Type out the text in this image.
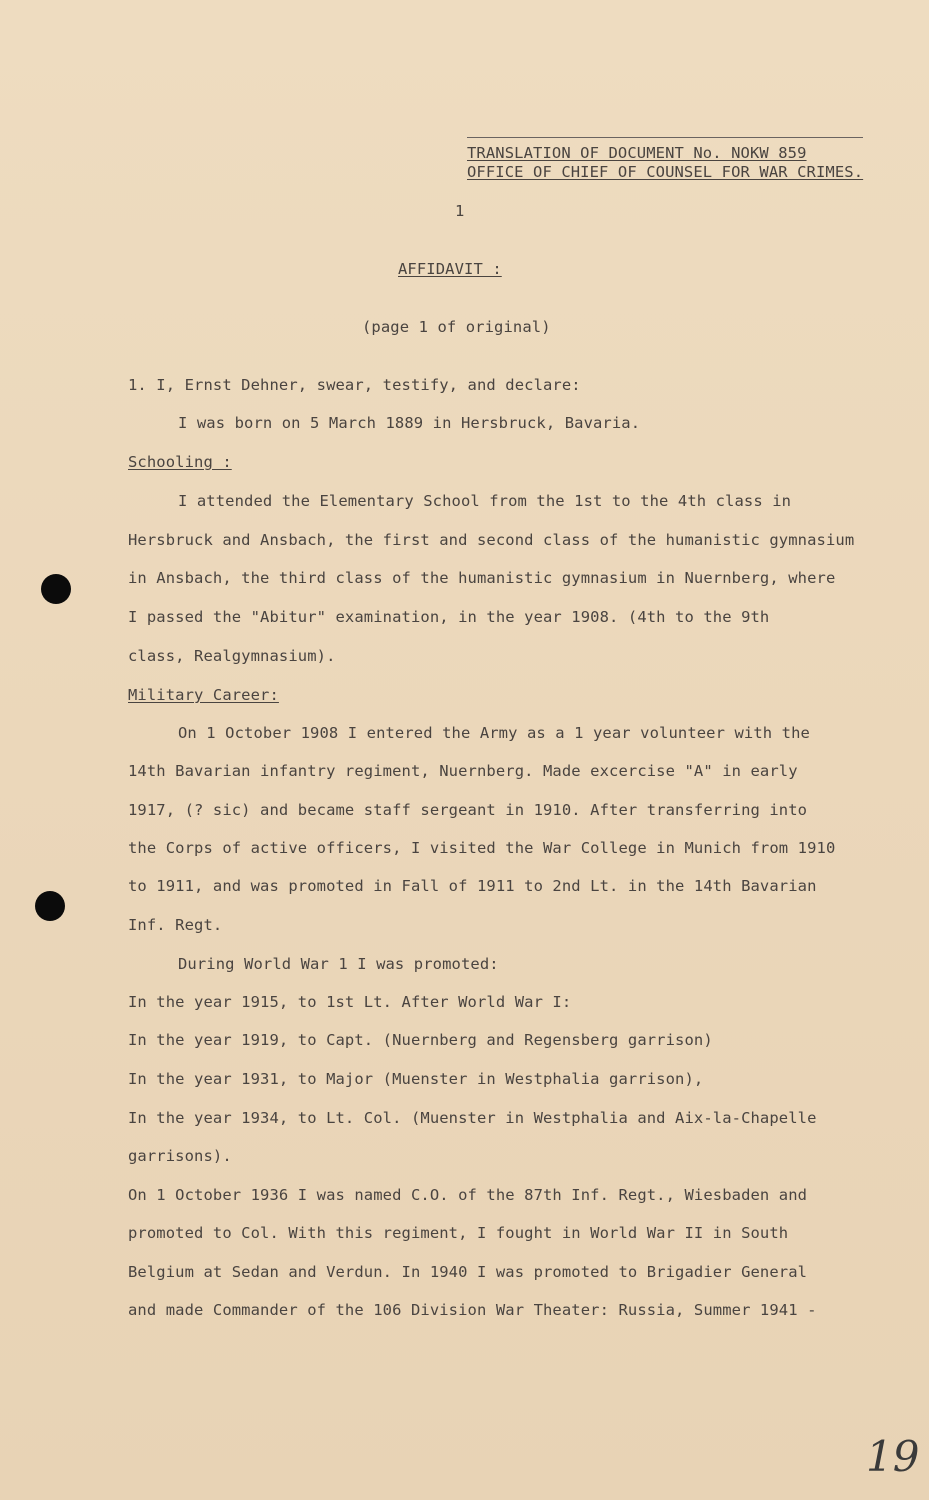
TRANSLATION OF DOCUMENT No. NOKW 859
OFFICE OF CHIEF OF COUNSEL FOR WAR CRIMES.
1
AFFIDAVIT :
(page 1 of original)
1. I, Ernst Dehner, swear, testify, and declare:
I was born on 5 March 1889 in Hersbruck, Bavaria.
Schooling :
I attended the Elementary School from the 1st to the 4th class in
Hersbruck and Ansbach, the first and second class of the humanistic gymnasium
in Ansbach, the third class of the humanistic gymnasium in Nuernberg, where
I passed the "Abitur" examination, in the year 1908. (4th to the 9th
class, Realgymnasium).
Military Career:
On 1 October 1908 I entered the Army as a 1 year volunteer with the
14th Bavarian infantry regiment, Nuernberg. Made excercise "A" in early
1917, (? sic) and became staff sergeant in 1910. After transferring into
the Corps of active officers, I visited the War College in Munich from 1910
to 1911, and was promoted in Fall of 1911 to 2nd Lt. in the 14th Bavarian
Inf. Regt.
During World War 1 I was promoted:
In the year 1915, to 1st Lt. After World War I:
In the year 1919, to Capt. (Nuernberg and Regensberg garrison)
In the year 1931, to Major (Muenster in Westphalia garrison),
In the year 1934, to Lt. Col. (Muenster in Westphalia and Aix-la-Chapelle
garrisons).
On 1 October 1936 I was named C.O. of the 87th Inf. Regt., Wiesbaden and
promoted to Col. With this regiment, I fought in World War II in South
Belgium at Sedan and Verdun. In 1940 I was promoted to Brigadier General
and made Commander of the 106 Division War Theater: Russia, Summer 1941 -
19
